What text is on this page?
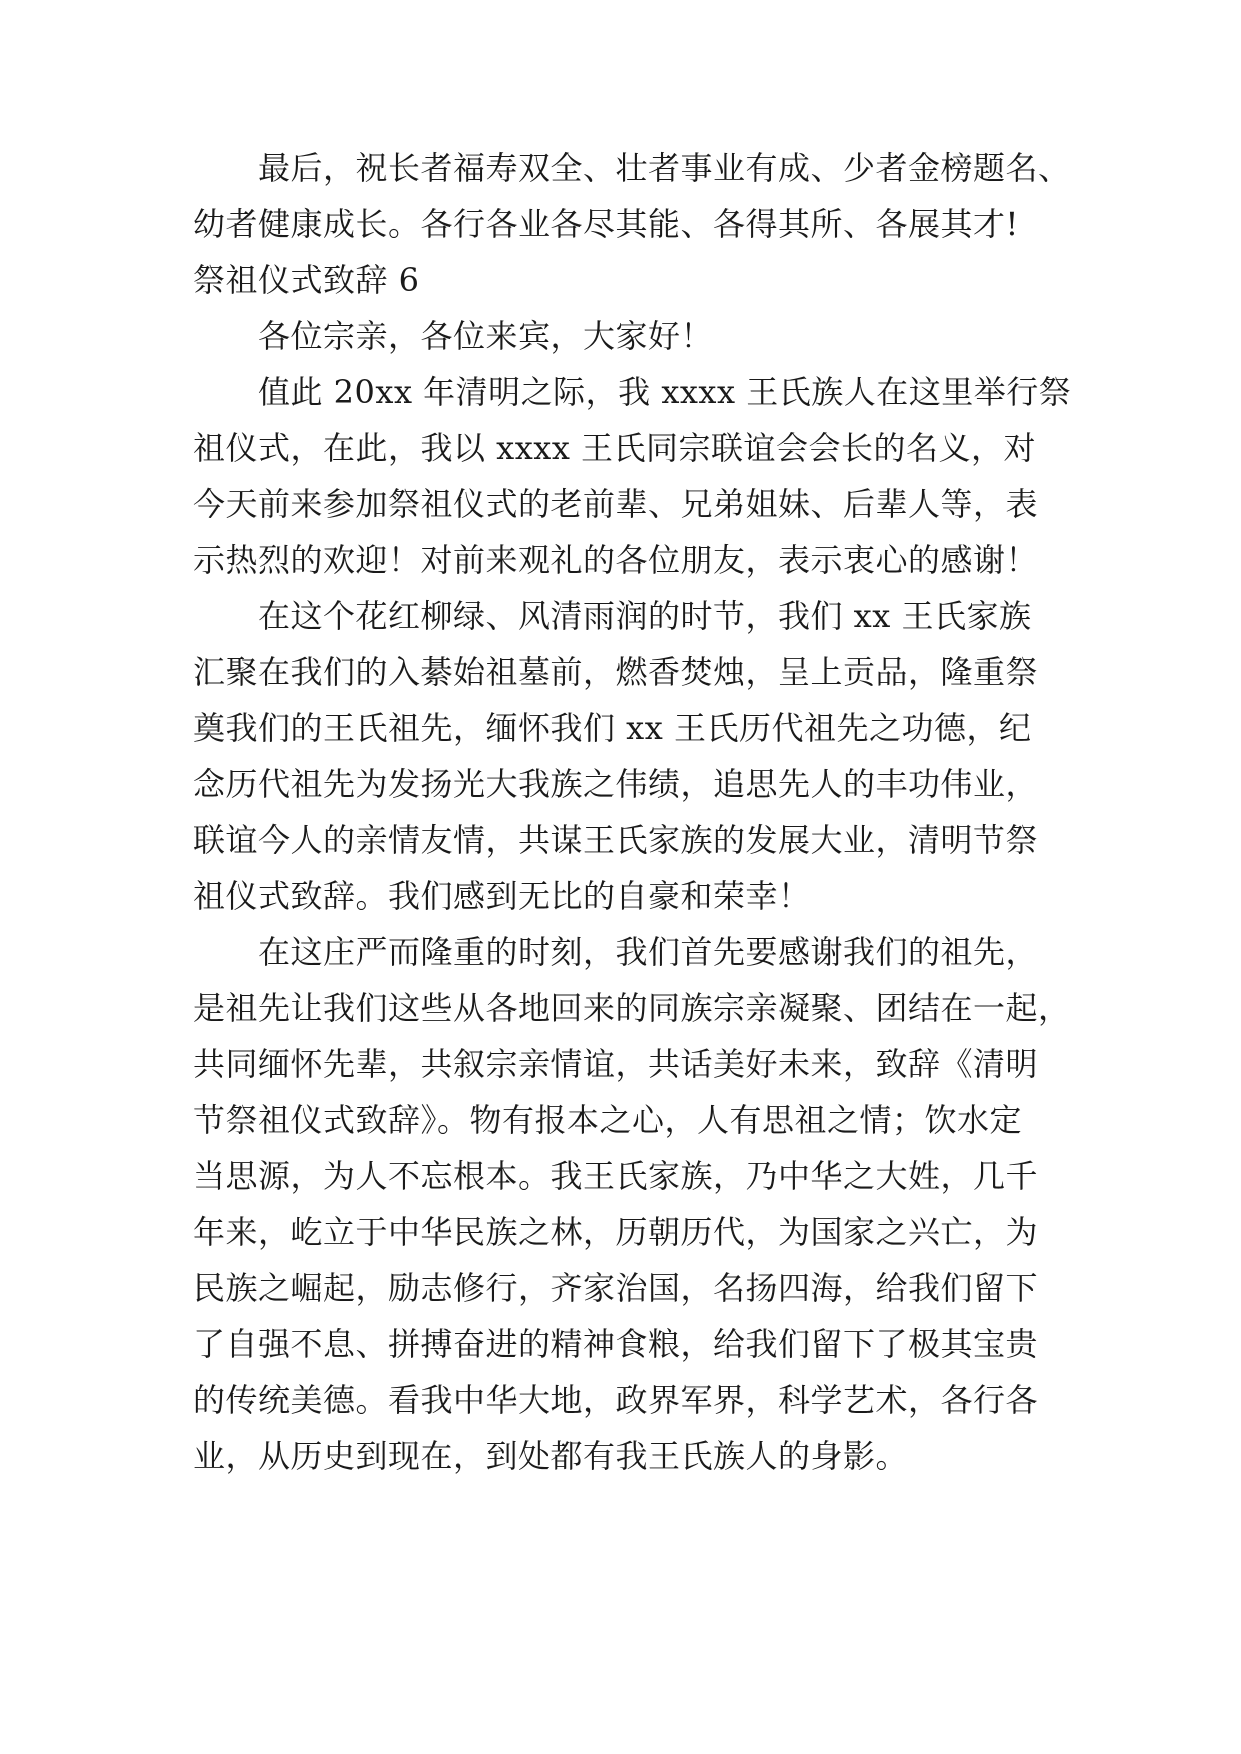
最后，祝长者福寿双全、壮者事业有成、少者金榜题名、
幼者健康成长。各行各业各尽其能、各得其所、各展其才!
祭祖仪式致辞 6
各位宗亲，各位来宾，大家好！
值此 20xx 年清明之际，我 xxxx 王氏族人在这里举行祭
祖仪式，在此，我以 xxxx 王氏同宗联谊会会长的名义，对
今天前来参加祭祖仪式的老前辈、兄弟姐妹、后辈人等，表
示热烈的欢迎！对前来观礼的各位朋友，表示衷心的感谢！
在这个花红柳绿、风清雨润的时节，我们 xx 王氏家族
汇聚在我们的入綦始祖墓前，燃香焚烛，呈上贡品，隆重祭
奠我们的王氏祖先，缅怀我们 xx 王氏历代祖先之功德，纪
念历代祖先为发扬光大我族之伟绩，追思先人的丰功伟业，
联谊今人的亲情友情，共谋王氏家族的发展大业，清明节祭
祖仪式致辞。我们感到无比的自豪和荣幸！
在这庄严而隆重的时刻，我们首先要感谢我们的祖先，
是祖先让我们这些从各地回来的同族宗亲凝聚、团结在一起，
共同缅怀先辈，共叙宗亲情谊，共话美好未来，致辞《清明
节祭祖仪式致辞》。物有报本之心，人有思祖之情；饮水定
当思源，为人不忘根本。我王氏家族，乃中华之大姓，几千
年来，屹立于中华民族之林，历朝历代，为国家之兴亡，为
民族之崛起，励志修行，齐家治国，名扬四海，给我们留下
了自强不息、拼搏奋进的精神食粮，给我们留下了极其宝贵
的传统美德。看我中华大地，政界军界，科学艺术，各行各
业，从历史到现在，到处都有我王氏族人的身影。
